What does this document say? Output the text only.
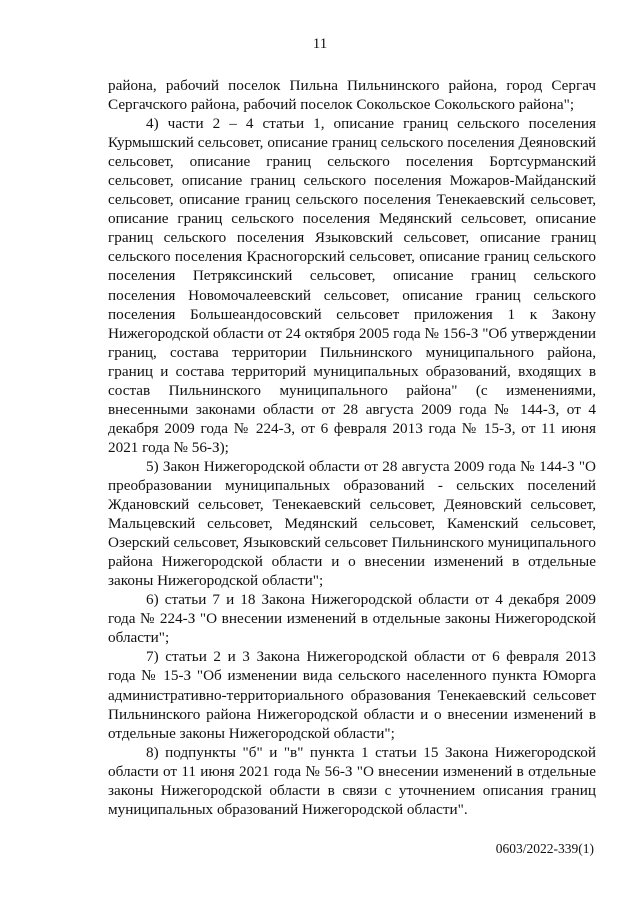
11

района, рабочий поселок Пильна Пильнинского района, город Сергач Сергачского района, рабочий поселок Сокольское Сокольского района";

4) части 2 – 4 статьи 1, описание границ сельского поселения Курмышский сельсовет, описание границ сельского поселения Деяновский сельсовет, описание границ сельского поселения Бортсурманский сельсовет, описание границ сельского поселения Можаров-Майданский сельсовет, описание границ сельского поселения Тенекаевский сельсовет, описание границ сельского поселения Медянский сельсовет, описание границ сельского поселения Языковский сельсовет, описание границ сельского поселения Красногорский сельсовет, описание границ сельского поселения Петряксинский сельсовет, описание границ сельского поселения Новомочалеевский сельсовет, описание границ сельского поселения Большеандосовский сельсовет приложения 1 к Закону Нижегородской области от 24 октября 2005 года № 156-З "Об утверждении границ, состава территории Пильнинского муниципального района, границ и состава территорий муниципальных образований, входящих в состав Пильнинского муниципального района" (с изменениями, внесенными законами области от 28 августа 2009 года № 144-З, от 4 декабря 2009 года № 224-З, от 6 февраля 2013 года № 15-З, от 11 июня 2021 года № 56-З);

5) Закон Нижегородской области от 28 августа 2009 года № 144-З "О преобразовании муниципальных образований - сельских поселений Ждановский сельсовет, Тенекаевский сельсовет, Деяновский сельсовет, Мальцевский сельсовет, Медянский сельсовет, Каменский сельсовет, Озерский сельсовет, Языковский сельсовет Пильнинского муниципального района Нижегородской области и о внесении изменений в отдельные законы Нижегородской области";

6) статьи 7 и 18 Закона Нижегородской области от 4 декабря 2009 года № 224-З "О внесении изменений в отдельные законы Нижегородской области";

7) статьи 2 и 3 Закона Нижегородской области от 6 февраля 2013 года № 15-З "Об изменении вида сельского населенного пункта Юморга административно-территориального образования Тенекаевский сельсовет Пильнинского района Нижегородской области и о внесении изменений в отдельные законы Нижегородской области";

8) подпункты "б" и "в" пункта 1 статьи 15 Закона Нижегородской области от 11 июня 2021 года № 56-З "О внесении изменений в отдельные законы Нижегородской области в связи с уточнением описания границ муниципальных образований Нижегородской области".

0603/2022-339(1)
